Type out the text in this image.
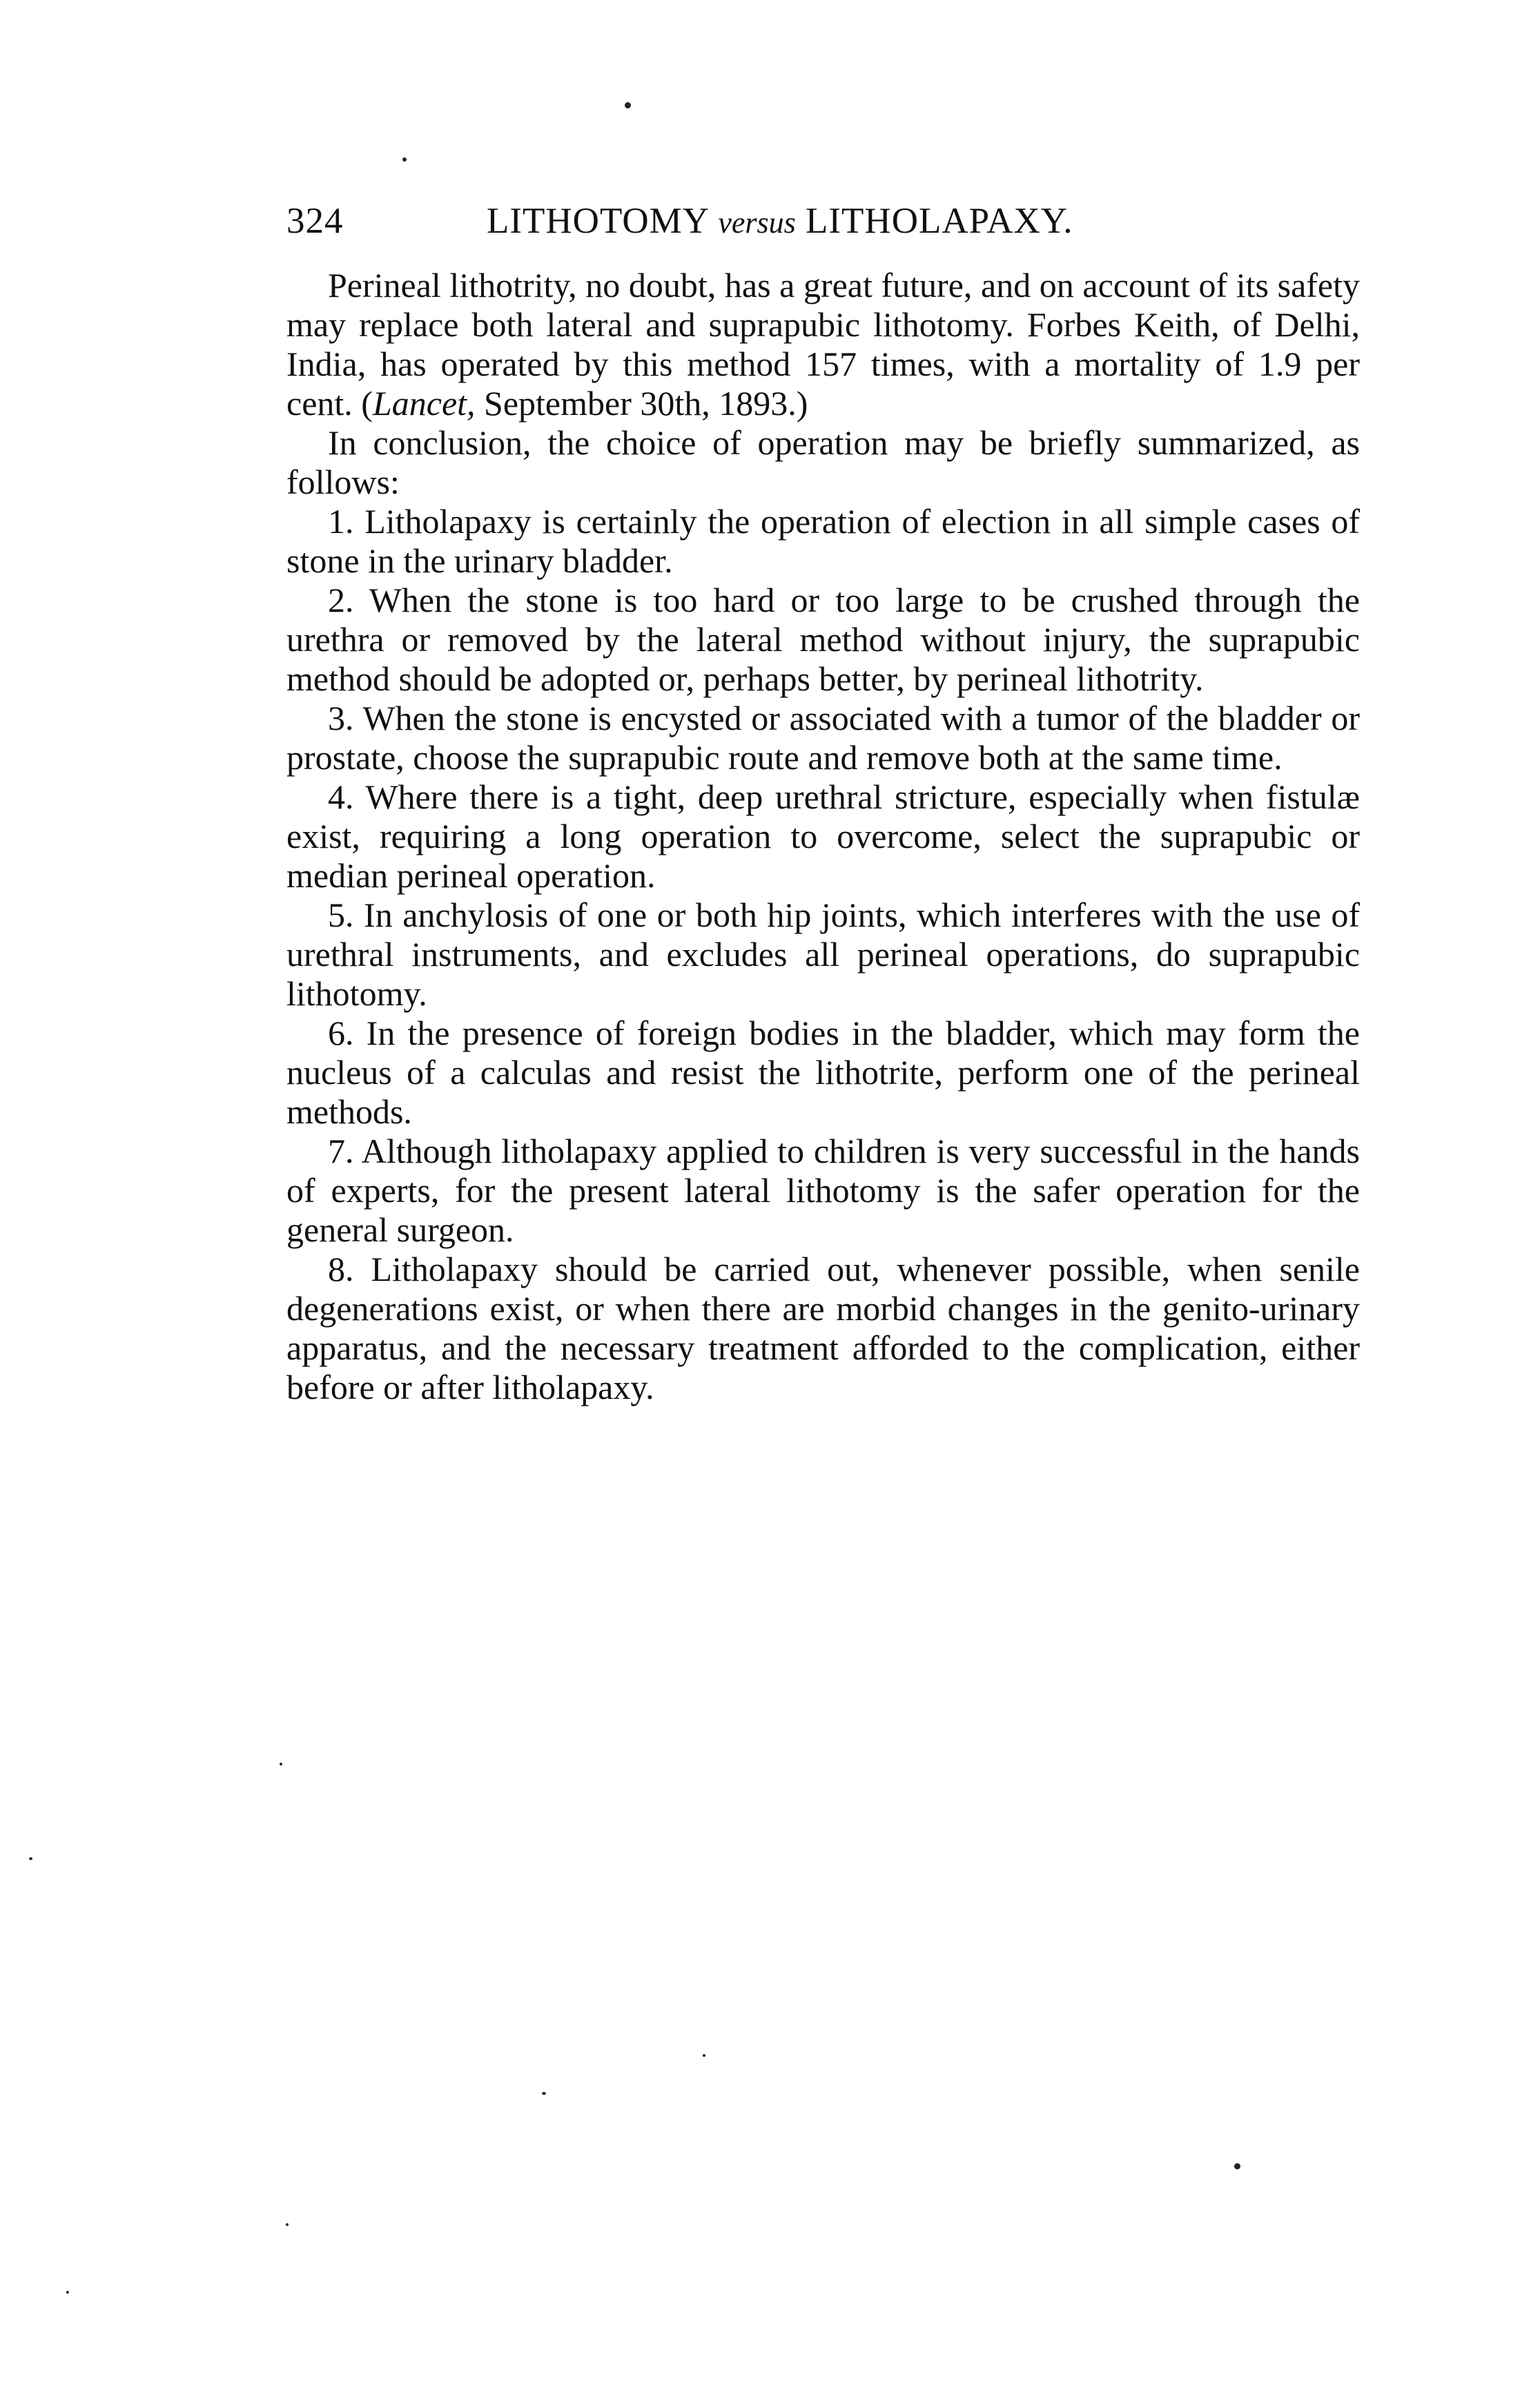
324	LITHOTOMY versus LITHOLAPAXY.

Perineal lithotrity, no doubt, has a great future, and on account of its safety may replace both lateral and suprapubic lithotomy. Forbes Keith, of Delhi, India, has operated by this method 157 times, with a mortality of 1.9 per cent. (Lancet, September 30th, 1893.)

In conclusion, the choice of operation may be briefly summarized, as follows:

1. Litholapaxy is certainly the operation of election in all simple cases of stone in the urinary bladder.

2. When the stone is too hard or too large to be crushed through the urethra or removed by the lateral method without injury, the suprapubic method should be adopted or, perhaps better, by perineal lithotrity.

3. When the stone is encysted or associated with a tumor of the bladder or prostate, choose the suprapubic route and remove both at the same time.

4. Where there is a tight, deep urethral stricture, especially when fistulæ exist, requiring a long operation to overcome, select the suprapubic or median perineal operation.

5. In anchylosis of one or both hip joints, which interferes with the use of urethral instruments, and excludes all perineal operations, do suprapubic lithotomy.

6. In the presence of foreign bodies in the bladder, which may form the nucleus of a calculas and resist the lithotrite, perform one of the perineal methods.

7. Although litholapaxy applied to children is very successful in the hands of experts, for the present lateral lithotomy is the safer operation for the general surgeon.

8. Litholapaxy should be carried out, whenever possible, when senile degenerations exist, or when there are morbid changes in the genito-urinary apparatus, and the necessary treatment afforded to the complication, either before or after litholapaxy.
